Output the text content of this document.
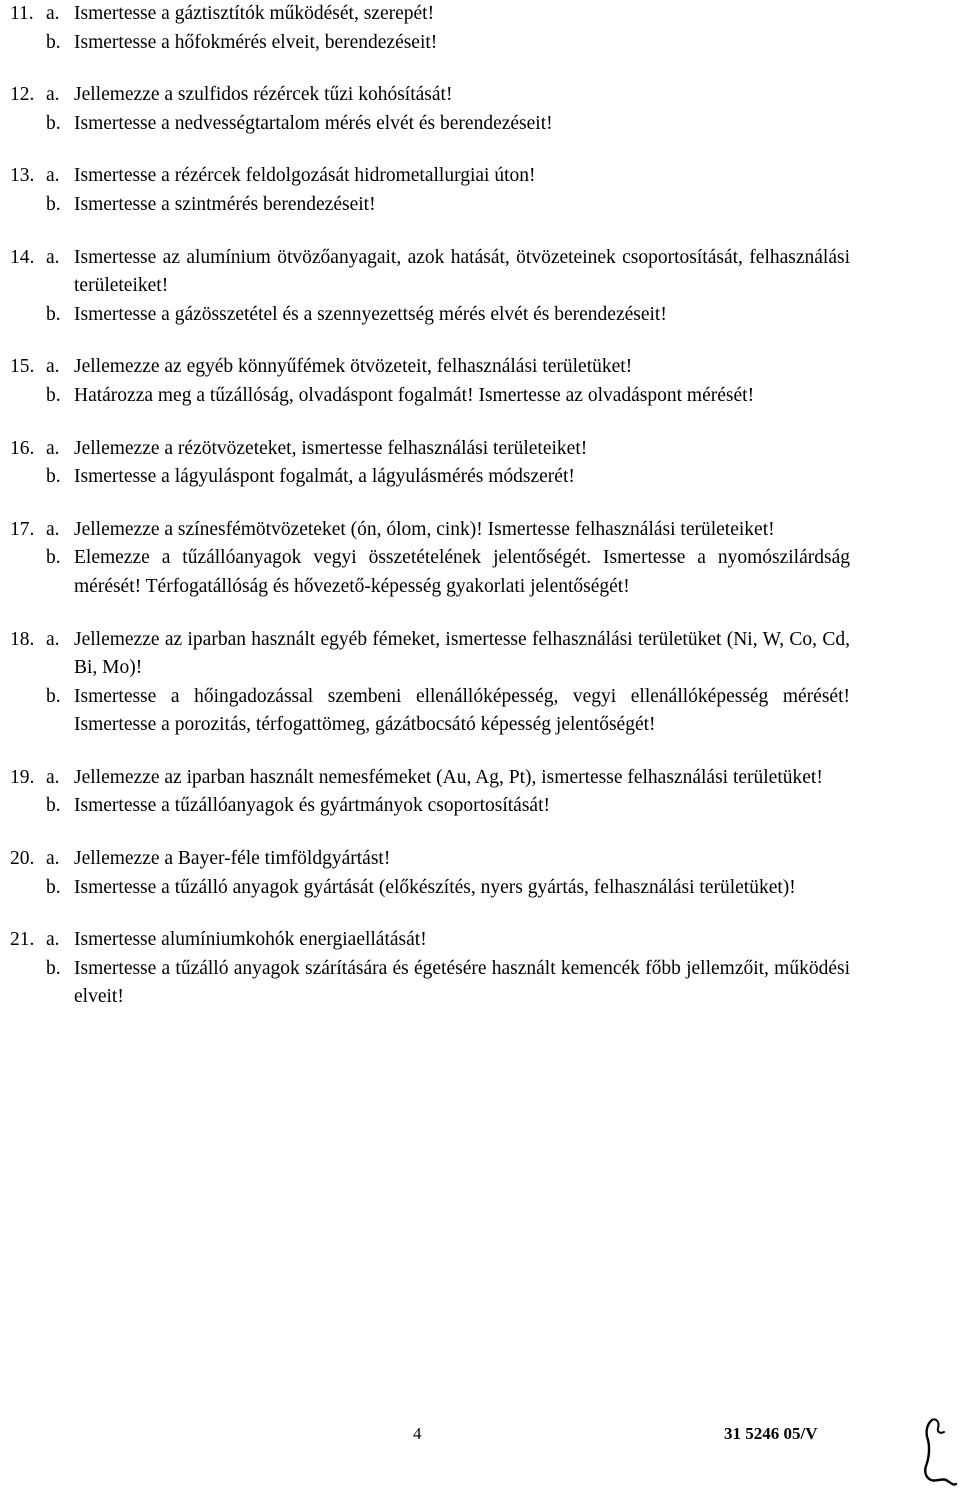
11. a. Ismertesse a gáztisztítók működését, szerepét!
b. Ismertesse a hőfokmérés elveit, berendezéseit!
12. a. Jellemezze a szulfidos rézércek tűzi kohósítását!
b. Ismertesse a nedvességtartalom mérés elvét és berendezéseit!
13. a. Ismertesse a rézércek feldolgozását hidrometallurgiai úton!
b. Ismertesse a szintmérés berendezéseit!
14. a. Ismertesse az alumínium ötvözőanyagait, azok hatását, ötvözeteinek csoportosítását, felhasználási területeiket!
b. Ismertesse a gázösszetétel és a szennyezettség mérés elvét és berendezéseit!
15. a. Jellemezze az egyéb könnyűfémek ötvözeteit, felhasználási területüket!
b. Határozza meg a tűzállóság, olvadáspont fogalmát! Ismertesse az olvadáspont mérését!
16. a. Jellemezze a rézötvözeteket, ismertesse felhasználási területeiket!
b. Ismertesse a lágyuláspont fogalmát, a lágyulásmérés módszerét!
17. a. Jellemezze a színesfémötvözeteket (ón, ólom, cink)! Ismertesse felhasználási területeiket!
b. Elemezze a tűzállóanyagok vegyi összetételének jelentőségét. Ismertesse a nyomószilárdság mérését! Térfogatállóság és hővezető-képesség gyakorlati jelentőségét!
18. a. Jellemezze az iparban használt egyéb fémeket, ismertesse felhasználási területüket (Ni, W, Co, Cd, Bi, Mo)!
b. Ismertesse a hőingadozással szembeni ellenállóképesség, vegyi ellenállóképesség mérését! Ismertesse a porozitás, térfogattömeg, gázátbocsátó képesség jelentőségét!
19. a. Jellemezze az iparban használt nemesfémeket (Au, Ag, Pt), ismertesse felhasználási területüket!
b. Ismertesse a tűzállóanyagok és gyártmányok csoportosítását!
20. a. Jellemezze a Bayer-féle timföldgyártást!
b. Ismertesse a tűzálló anyagok gyártását (előkészítés, nyers gyártás, felhasználási területüket)!
21. a. Ismertesse alumíniumkohók energiaellátását!
b. Ismertesse a tűzálló anyagok szárítására és égetésére használt kemencék főbb jellemzőit, működési elveit!
4	31 5246 05/V
